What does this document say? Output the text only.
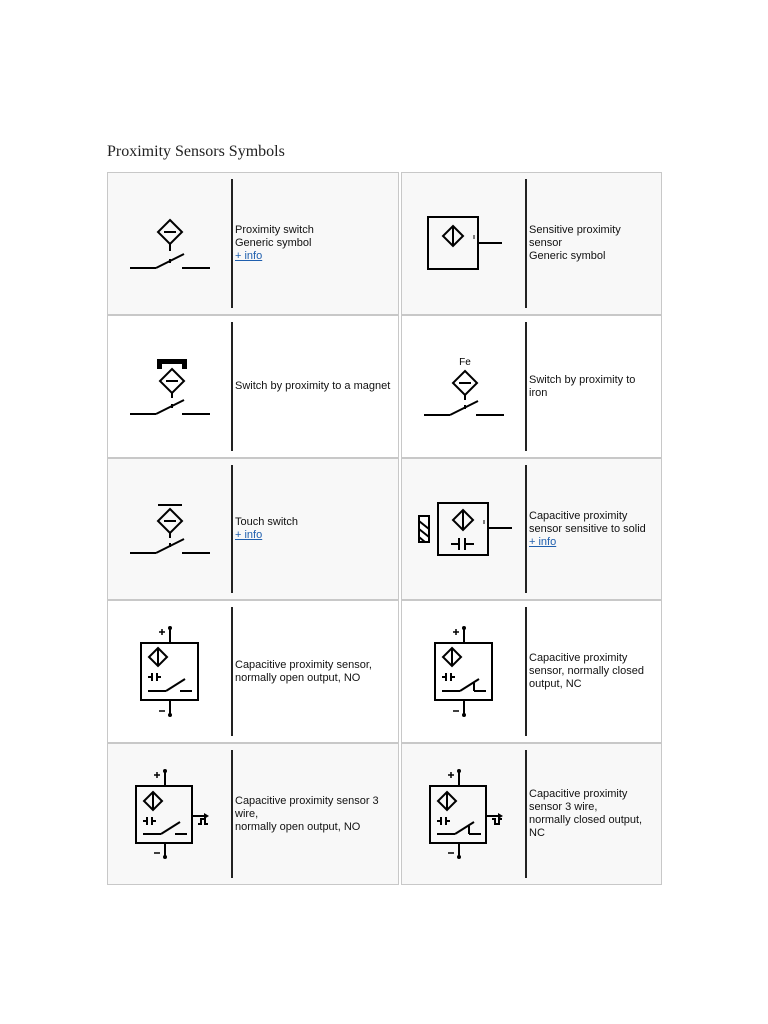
Proximity Sensors Symbols
Proximity switch
Generic symbol
+ info
Sensitive proximity
sensor
Generic symbol
Switch by proximity to a magnet
Fe
Switch by proximity to
iron
Touch switch
+ info
Capacitive proximity
sensor sensitive to solid
+ info
Capacitive proximity sensor,
normally open output, NO
Capacitive proximity
sensor, normally closed
output, NC
Capacitive proximity sensor 3
wire,
normally open output, NO
Capacitive proximity
sensor 3 wire,
normally closed output,
NC
